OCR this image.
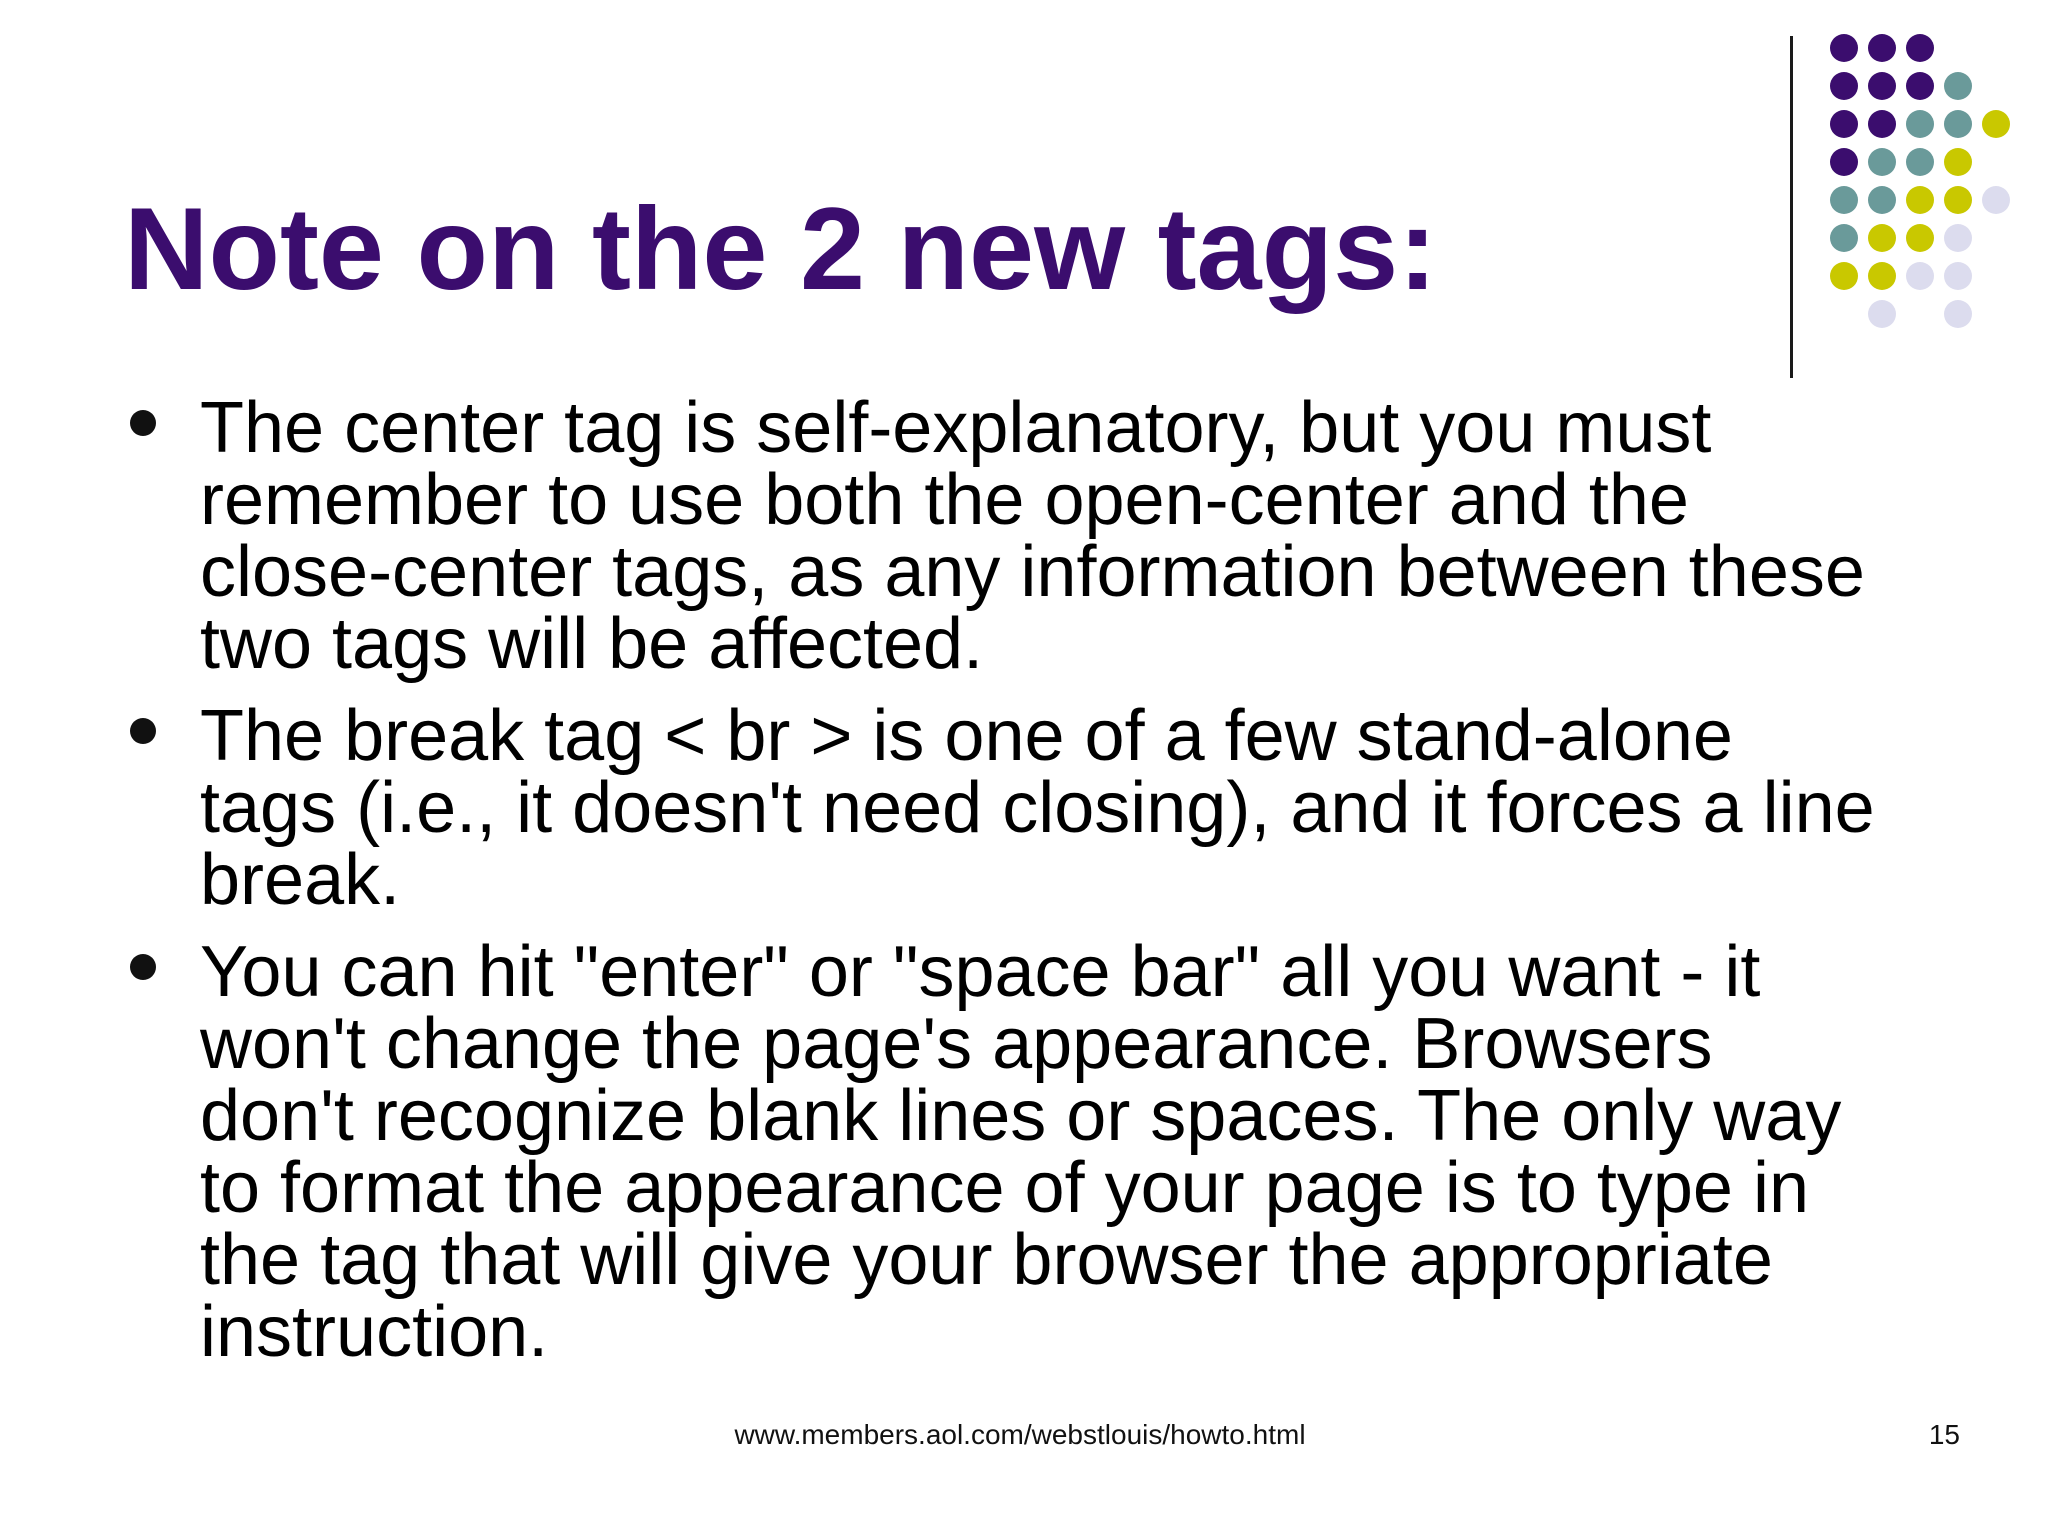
Note on the 2 new tags:
The center tag is self-explanatory, but you must
remember to use both the open-center and the
close-center tags, as any information between these
two tags will be affected.
The break tag < br > is one of a few stand-alone
tags (i.e., it doesn't need closing), and it forces a line
break.
You can hit "enter" or "space bar" all you want - it
won't change the page's appearance. Browsers
don't recognize blank lines or spaces. The only way
to format the appearance of your page is to type in
the tag that will give your browser the appropriate
instruction.
www.members.aol.com/webstlouis/howto.html	15
